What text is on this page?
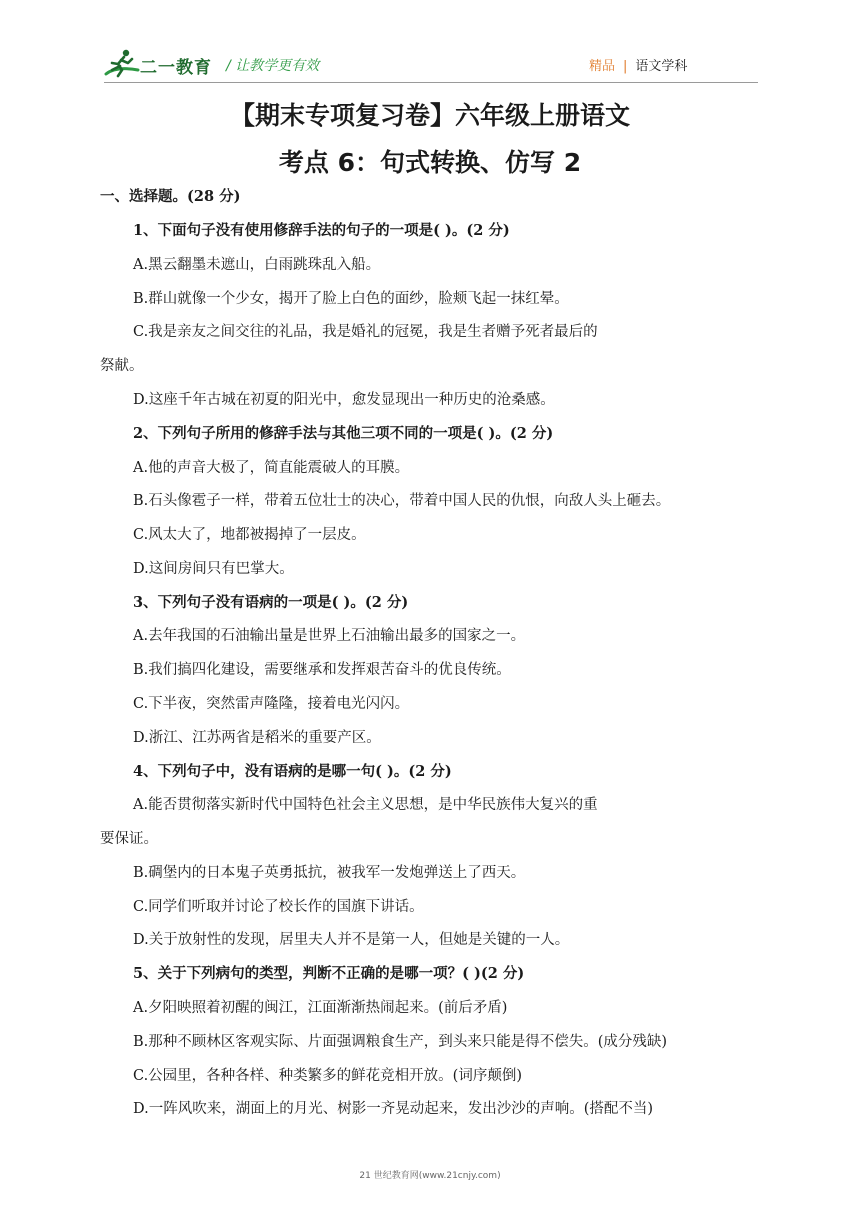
二一教育 / 让教学更有效	精品 | 语文学科
【期末专项复习卷】六年级上册语文
考点 6：句式转换、仿写 2
一、选择题。(28 分)
1、下面句子没有使用修辞手法的句子的一项是( )。(2 分)
A.黑云翻墨未遮山，白雨跳珠乱入船。
B.群山就像一个少女，揭开了脸上白色的面纱，脸颊飞起一抹红晕。
C.我是亲友之间交往的礼品，我是婚礼的冠冕，我是生者赠予死者最后的
祭献。
D.这座千年古城在初夏的阳光中，愈发显现出一种历史的沧桑感。
2、下列句子所用的修辞手法与其他三项不同的一项是( )。(2 分)
A.他的声音大极了，简直能震破人的耳膜。
B.石头像雹子一样，带着五位壮士的决心，带着中国人民的仇恨，向敌人头上砸去。
C.风太大了，地都被揭掉了一层皮。
D.这间房间只有巴掌大。
3、下列句子没有语病的一项是( )。(2 分)
A.去年我国的石油输出量是世界上石油输出最多的国家之一。
B.我们搞四化建设，需要继承和发挥艰苦奋斗的优良传统。
C.下半夜，突然雷声隆隆，接着电光闪闪。
D.浙江、江苏两省是稻米的重要产区。
4、下列句子中，没有语病的是哪一句( )。(2 分)
A.能否贯彻落实新时代中国特色社会主义思想，是中华民族伟大复兴的重
要保证。
B.碉堡内的日本鬼子英勇抵抗，被我军一发炮弹送上了西天。
C.同学们听取并讨论了校长作的国旗下讲话。
D.关于放射性的发现，居里夫人并不是第一人，但她是关键的一人。
5、关于下列病句的类型，判断不正确的是哪一项？( )(2 分)
A.夕阳映照着初醒的闽江，江面渐渐热闹起来。(前后矛盾)
B.那种不顾林区客观实际、片面强调粮食生产，到头来只能是得不偿失。(成分残缺)
C.公园里，各种各样、种类繁多的鲜花竞相开放。(词序颠倒)
D.一阵风吹来，湖面上的月光、树影一齐晃动起来，发出沙沙的声响。(搭配不当)
21 世纪教育网(www.21cnjy.com)
